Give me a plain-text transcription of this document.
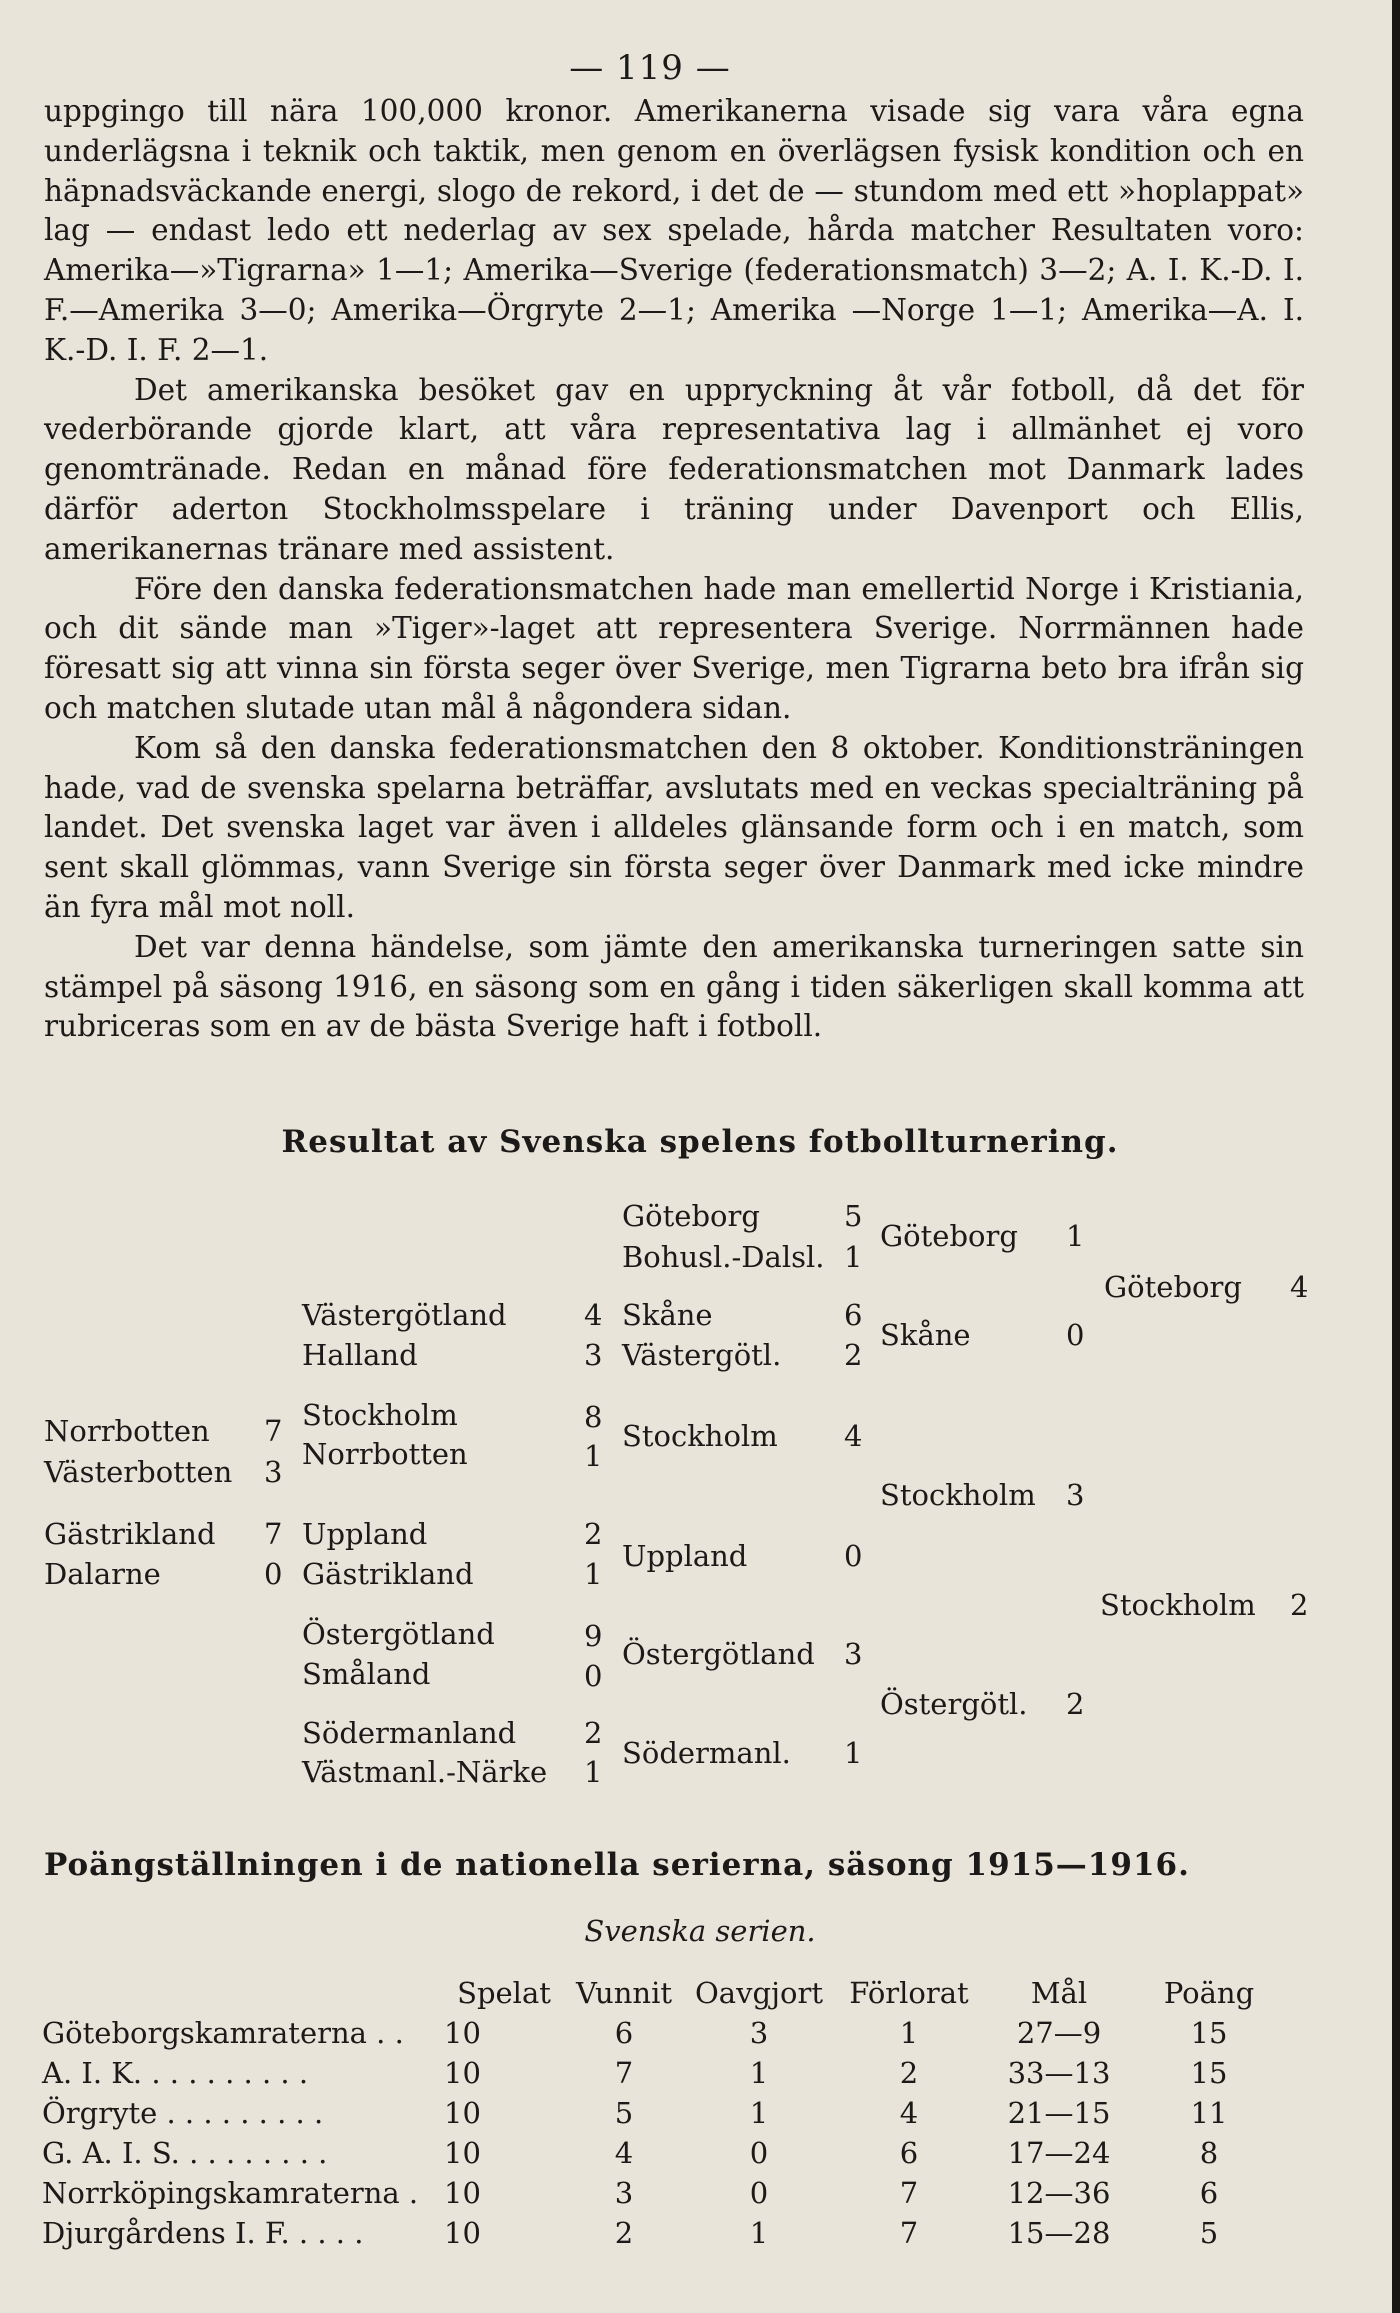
— 119 —

uppgingo till nära 100,000 kronor. Amerikanerna visade sig vara våra egna underlägsna i teknik och taktik, men genom en överlägsen fysisk kondition och en häpnadsväckande energi, slogo de rekord, i det de — stundom med ett »hoplappat» lag — endast ledo ett nederlag av sex spelade, hårda matcher Resultaten voro: Amerika—»Tigrarna» 1—1; Amerika—Sverige (federationsmatch) 3—2; A. I. K.-D. I. F.—Amerika 3—0; Amerika—Örgryte 2—1; Amerika —Norge 1—1; Amerika—A. I. K.-D. I. F. 2—1.

Det amerikanska besöket gav en uppryckning åt vår fotboll, då det för vederbörande gjorde klart, att våra representativa lag i allmänhet ej voro genomtränade. Redan en månad före federationsmatchen mot Danmark lades därför aderton Stockholmsspelare i träning under Davenport och Ellis, amerikanernas tränare med assistent.

Före den danska federationsmatchen hade man emellertid Norge i Kristiania, och dit sände man »Tiger»-laget att representera Sverige. Norrmännen hade föresatt sig att vinna sin första seger över Sverige, men Tigrarna beto bra ifrån sig och matchen slutade utan mål å någondera sidan.

Kom så den danska federationsmatchen den 8 oktober. Konditionsträningen hade, vad de svenska spelarna beträffar, avslutats med en veckas specialträning på landet. Det svenska laget var även i alldeles glänsande form och i en match, som sent skall glömmas, vann Sverige sin första seger över Danmark med icke mindre än fyra mål mot noll.

Det var denna händelse, som jämte den amerikanska turneringen satte sin stämpel på säsong 1916, en säsong som en gång i tiden säkerligen skall komma att rubriceras som en av de bästa Sverige haft i fotboll.

Resultat av Svenska spelens fotbollturnering.
Norrbotten 7
Västerbotten 3
Gästrikland 7
Dalarne	0
Västergötland	4
Halland	3
Stockholm	8
Norrbotten	1
Uppland	2
Gästrikland	1
Östergötland	9
Småland	0
Södermanland 2
Västmanl.-Närke 1
Göteborg	5
Bohusl.-Dalsl. 1
Skåne	6
Västergötl. 2
Stockholm 4
Uppland	0
Östergötland 3
Södermanl. 1
Göteborg 1
Skåne	0
Stockholm 3
Östergötl. 2
Göteborg 4
Stockholm 2
Poängställningen i de nationella serierna, säsong 1915—1916.
Svenska serien.
	Spelat	Vunnit	Oavgjort	Förlorat	Mål	Poäng
Göteborgskamraterna . .	10	6	3	1	27—9	15
A. I. K. . . . . . . . . .	10	7	1	2	33—13	15
Örgryte . . . . . . . . .	10	5	1	4	21—15	11
G. A. I. S. . . . . . . . .	10	4	0	6	17—24	8
Norrköpingskamraterna .	10	3	0	7	12—36	6
Djurgårdens I. F. . . . .	10	2	1	7	15—28	5
